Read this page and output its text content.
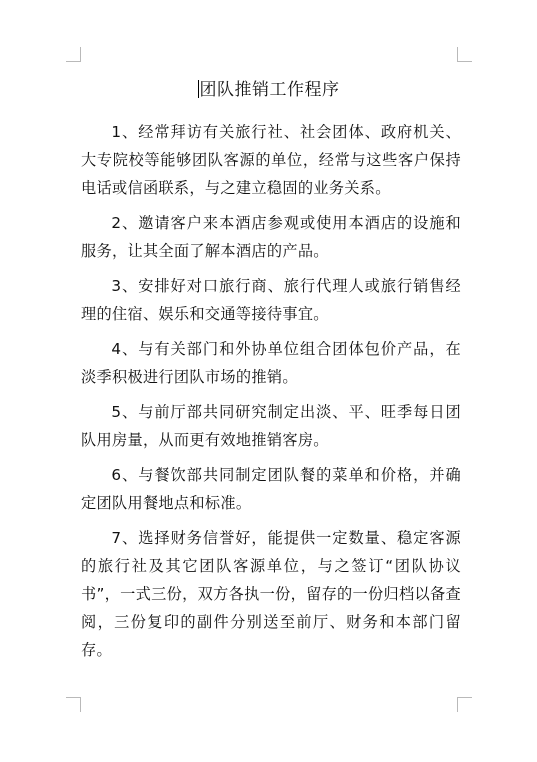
团队推销工作程序

1、经常拜访有关旅行社、社会团体、政府机关、大专院校等能够团队客源的单位，经常与这些客户保持电话或信函联系，与之建立稳固的业务关系。

2、邀请客户来本酒店参观或使用本酒店的设施和服务，让其全面了解本酒店的产品。

3、安排好对口旅行商、旅行代理人或旅行销售经理的住宿、娱乐和交通等接待事宜。

4、与有关部门和外协单位组合团体包价产品，在淡季积极进行团队市场的推销。

5、与前厅部共同研究制定出淡、平、旺季每日团队用房量，从而更有效地推销客房。

6、与餐饮部共同制定团队餐的菜单和价格，并确定团队用餐地点和标准。

7、选择财务信誉好，能提供一定数量、稳定客源的旅行社及其它团队客源单位，与之签订“团队协议书”，一式三份，双方各执一份，留存的一份归档以备查阅，三份复印的副件分别送至前厅、财务和本部门留存。
